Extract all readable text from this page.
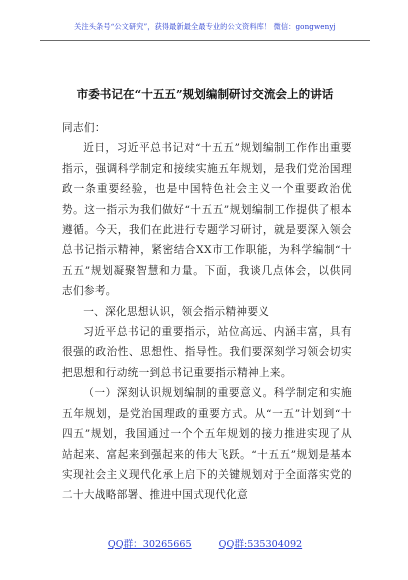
关注头条号“公文研究”，获得最新最全最专业的公文资料库！ 微信：gongwenyj
市委书记在“十五五”规划编制研讨交流会上的讲话

同志们：

近日，习近平总书记对“十五五”规划编制工作作出重要指示，强调科学制定和接续实施五年规划，是我们党治国理政一条重要经验，也是中国特色社会主义一个重要政治优势。这一指示为我们做好“十五五”规划编制工作提供了根本遵循。今天，我们在此进行专题学习研讨，就是要深入领会总书记指示精神，紧密结合XX市工作职能，为科学编制“十五五”规划凝聚智慧和力量。下面，我谈几点体会，以供同志们参考。

一、深化思想认识，领会指示精神要义

习近平总书记的重要指示，站位高远、内涵丰富，具有很强的政治性、思想性、指导性。我们要深刻学习领会切实把思想和行动统一到总书记重要指示精神上来。

（一）深刻认识规划编制的重要意义。科学制定和实施五年规划，是党治国理政的重要方式。从“一五”计划到“十四五”规划，我国通过一个个五年规划的接力推进实现了从站起来、富起来到强起来的伟大飞跃。“十五五”规划是基本实现社会主义现代化承上启下的关键规划对于全面落实党的二十大战略部署、推进中国式现代化意

QQ群：30265665	QQ群:535304092
